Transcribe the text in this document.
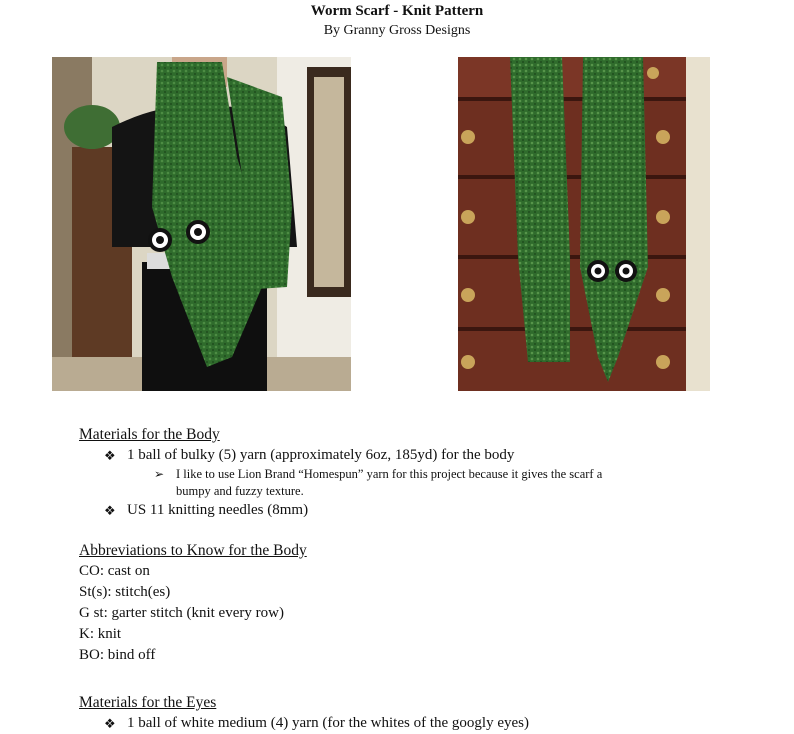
Worm Scarf - Knit Pattern
By Granny Gross Designs
Materials for the Body
❖ 1 ball of bulky (5) yarn (approximately 6oz, 185yd) for the body
➢ I like to use Lion Brand “Homespun” yarn for this project because it gives the scarf a
bumpy and fuzzy texture.
❖ US 11 knitting needles (8mm)
Abbreviations to Know for the Body
CO: cast on
St(s): stitch(es)
G st: garter stitch (knit every row)
K: knit
BO: bind off
Materials for the Eyes
❖ 1 ball of white medium (4) yarn (for the whites of the googly eyes)
